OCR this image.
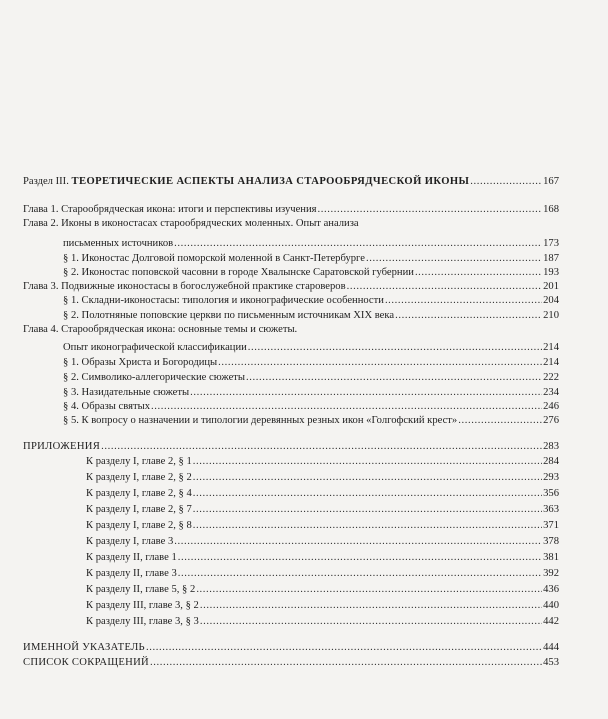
Раздел III. ТЕОРЕТИЧЕСКИЕ АСПЕКТЫ АНАЛИЗА СТАРООБРЯДЧЕСКОЙ ИКОНЫ .....	167
Глава 1. Старообрядческая икона: итоги и перспективы изучения .....	168
Глава 2. Иконы в иконостасах старообрядческих моленных. Опыт анализа
письменных источников .....	173
§ 1. Иконостас Долговой поморской моленной в Санкт-Петербурге .....	187
§ 2. Иконостас поповской часовни в городе Хвалынске Саратовской губернии .....	193
Глава 3. Подвижные иконостасы в богослужебной практике староверов .....	201
§ 1. Складни-иконостасы: типология и иконографические особенности .....	204
§ 2. Полотняные поповские церкви по письменным источникам XIX века .....	210
Глава 4. Старообрядческая икона: основные темы и сюжеты.
Опыт иконографической классификации .....	214
§ 1. Образы Христа и Богородицы .....	214
§ 2. Символико-аллегорические сюжеты .....	222
§ 3. Назидательные сюжеты .....	234
§ 4. Образы святых .....	246
§ 5. К вопросу о назначении и типологии деревянных резных икон «Голгофский крест» .....	276
ПРИЛОЖЕНИЯ .....	283
К разделу I, главе 2, § 1 .....	284
К разделу I, главе 2, § 2 .....	293
К разделу I, главе 2, § 4 .....	356
К разделу I, главе 2, § 7 .....	363
К разделу I, главе 2, § 8 .....	371
К разделу I, главе 3 .....	378
К разделу II, главе 1 .....	381
К разделу II, главе 3 .....	392
К разделу II, главе 5, § 2 .....	436
К разделу III, главе 3, § 2 .....	440
К разделу III, главе 3, § 3 .....	442
ИМЕННОЙ УКАЗАТЕЛЬ .....	444
СПИСОК СОКРАЩЕНИЙ .....	453
